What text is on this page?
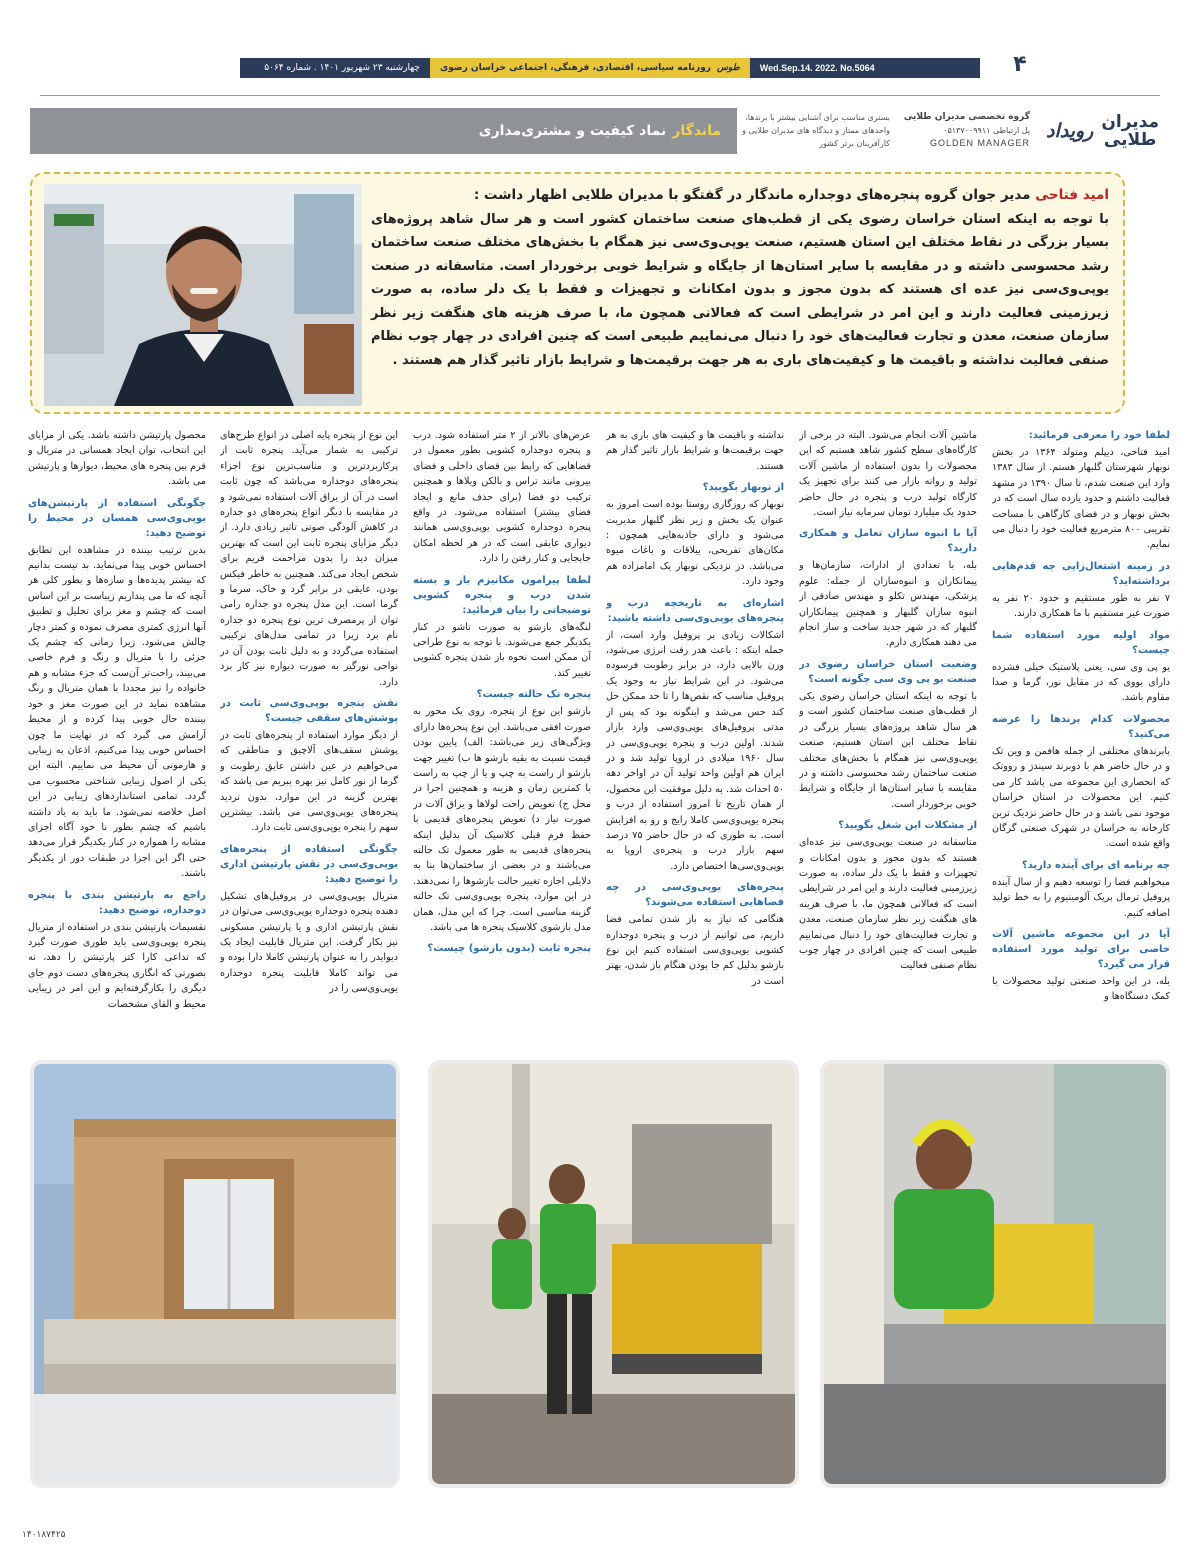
۴
Wed.Sep.14. 2022. No.5064
طوس
روزنامه سیاسی، اقتصادی، فرهنگی، اجتماعی خراسان رضوی
چهارشنبه ۲۳ شهریور ۱۴۰۱ . شماره ۵۰۶۴
ماندگار
نماد کیفیت و مشتری‌مداری
بستری مناسب برای آشنایی بیشتر با برندها، واحدهای ممتاز و دیدگاه های مدیران طلایی و کارآفرینان برتر کشور
گروه تخصصی مدیران طلایی
پل ارتباطی ۰۵۱۳۷۰۰۹۹۱۱
GOLDEN MANAGER
مدیران
طلایی
رویداد
امید فتاحی مدیر جوان گروه پنجره‌های دوجداره ماندگار در گفتگو با مدیران طلایی اظهار داشت :
با توجه به اینکه استان خراسان رضوی یکی از قطب‌های صنعت ساختمان کشور است و هر سال شاهد پروژه‌های بسیار بزرگی در نقاط مختلف این استان هستیم، صنعت یوپی‌وی‌سی نیز همگام با بخش‌های مختلف صنعت ساختمان رشد محسوسی داشته و در مقایسه با سایر استان‌ها از جایگاه و شرایط خوبی برخوردار است. متاسفانه در صنعت یوپی‌وی‌سی نیز عده ای هستند که بدون مجوز و بدون امکانات و تجهیزات و فقط با یک دلر ساده، به صورت زیرزمینی فعالیت دارند و این امر در شرایطی است که فعالانی همچون ما، با صرف هزینه های هنگفت زیر نظر سازمان صنعت، معدن و تجارت فعالیت‌های خود را دنبال می‌نماییم طبیعی است که چنین افرادی در چهار چوب نظام صنفی فعالیت نداشته و باقیمت ها و کیفیت‌های باری به هر جهت برقیمت‌ها و شرایط بازار تاثیر گذار هم هستند .
لطفا خود را معرفی فرمائید:

امید فتاحی، دیپلم ومتولد ۱۳۶۴ در بخش نوبهار شهرستان گلبهار هستم. از سال ۱۳۸۳ وارد این صنعت شدم، تا سال ۱۳۹۰ در مشهد فعالیت داشتم و حدود یازده سال است که در بخش نوبهار و در فضای کارگاهی با مساحت تقریبی ۸۰۰ مترمربع فعالیت خود را دنبال می نمایم.

در زمینه اشتغال‌زایی چه قدم‌هایی برداشته‌اید؟

۷ نفر به طور مستقیم و حدود ۲۰ نفر به صورت غیر مستقیم با ما همکاری دارند.

مواد اولیه مورد استفاده شما چیست؟

یو پی وی سی، یعنی پلاستیک خیلی فشرده دارای یووی که در مقابل نور، گرما و صدا مقاوم باشد.

محصولات کدام برندها را عرضه می‌کنید؟

بابرندهای مختلفی از جمله هافمن و وین تک و در حال حاضر هم با دوبرند سیندژ و رووتک که انحصاری این مجموعه می باشد کار می کنیم. این محصولات در استان خراسان موجود نمی باشد و در حال حاضر نزدیک ترین کارخانه به خراسان در شهرک صنعتی گرگان واقع شده است.

چه برنامه ای برای آینده دارید؟

میخواهیم فضا را توسعه دهیم و از سال آینده پروفیل ترمال بریک آلومینیوم را به خط تولید اضافه کنیم.

آیا در این مجموعه ماشین آلات خاصی برای تولید مورد استفاده قرار می گیرد؟

بله، در این واحد صنعتی تولید محصولات با کمک دستگاه‌ها و

ماشین آلات انجام می‌شود. البته در برخی از کارگاه‌های سطح کشور شاهد هستیم که این محصولات را بدون استفاده از ماشین آلات تولید و روانه بازار می کنند برای تجهیز یک کارگاه تولید درب و پنجره در حال حاضر حدود یک میلیارد تومان سرمایه نیاز است.

آیا با انبوه سازان تعامل و همکاری دارید؟

بله، با تعدادی از ادارات، سازمان‌ها و پیمانکاران و انبوه‌سازان از جمله: علوم پزشکی، مهندس تکلو و مهندس صادقی از انبوه سازان گلبهار و همچنین پیمانکاران گلبهار که در شهر جدید ساخت و ساز انجام می دهند همکاری دارم.

وضعیت استان خراسان رضوی در صنعت یو پی وی سی چگونه است؟

با توجه به اینکه استان خراسان رضوی یکی از قطب‌های صنعت ساختمان کشور است و هر سال شاهد پروژه‌های بسیار بزرگی در نقاط مختلف این استان هستیم، صنعت یوپی‌وی‌سی نیز همگام با بخش‌های مختلف صنعت ساختمان رشد محسوسی داشته و در مقایسه با سایر استان‌ها از جایگاه و شرایط خوبی برخوردار است.

از مشکلات این شغل بگویید؟

متاسفانه در صنعت یوپی‌وی‌سی نیز عده‌ای هستند که بدون مجوز و بدون امکانات و تجهیزات و فقط با یک دلر ساده، به صورت زیرزمینی فعالیت دارند و این امر در شرایطی است که فعالانی همچون ما، با صرف هزینه های هنگفت زیر نظر سازمان صنعت، معدن و تجارت فعالیت‌های خود را دنبال می‌نماییم طبیعی است که چنین افرادی در چهار چوب نظام صنفی فعالیت

نداشته و باقیمت ها و کیفیت های باری به هر جهت برقیمت‌ها و شرایط بازار تاثیر گذار هم هستند.

از نوبهار بگویید؟

نوبهار که روزگاری روستا بوده است امروز به عنوان یک بخش و زیر نظر گلبهار مدیریت می‌شود و دارای جاذبه‌هایی همچون : مکان‌های تفریحی، ییلاقات و باغات میوه می‌باشد. در نزدیکی نوبهار یک امامزاده هم وجود دارد.

اشاره‌ای به تاریخچه درب و پنجره‌های یوپی‌وی‌سی داشته باشید:

اشکالات زیادی بر پروفیل وارد است، از جمله اینکه : باعث هدر رفت انرژی می‌شود، وزن بالایی دارد، در برابر رطوبت فرسوده می‌شود. در این شرایط نیاز به وجود یک پروفیل مناسب که نقص‌ها را تا حد ممکن حل کند حس می‌شد و اینگونه بود که پس از مدتی پروفیل‌های یوپی‌وی‌سی وارد بازار شدند. اولین درب و پنجره یوپی‌وی‌سی در سال ۱۹۶۰ میلادی در اروپا تولید شد و در ایران هم اولین واحد تولید آن در اواخر دهه ۵۰ احداث شد. به دلیل موفقیت این محصول، از همان تاریخ تا امروز استفاده از درب و پنجره یوپی‌وی‌سی کاملا رایج و رو به افزایش است. به طوری که در حال حاضر ۷۵ درصد سهم بازار درب و پنجره‌ی اروپا به یوپی‌وی‌سی‌ها اختصاص دارد.

پنجره‌های یوپی‌وی‌سی در چه فضاهایی استفاده می‌شوند؟

هنگامی که نیاز به باز شدن تمامی فضا داریم، می توانیم از درب و پنجره دوجداره کشویی یوپی‌وی‌سی استفاده کنیم این نوع بازشو بدلیل کم جا بودن هنگام باز شدن، بهتر است در

عرض‌های بالاتر از ۲ متر استفاده شود. درب و پنجره دوجداره کشویی بطور معمول در فضاهایی که رابط بین فضای داخلی و فضای بیرونی مانند تراس و بالکن ویلاها و همچنین ترکیب دو فضا (برای حذف مانع و ایجاد فضای بیشتر) استفاده می‌شود. در واقع پنجره دوجداره کشویی یوپی‌وی‌سی همانند دیواری عایقی است که در هر لحظه امکان جابجایی و کنار رفتن را دارد.

لطفا پیرامون مکانیزم باز و بسته شدن درب و پنجره کشویی توضیحاتی را بیان فرمائید:

لنگه‌های بازشو به صورت تاشو در کنار یکدیگر جمع می‌شوند. با توجه به نوع طراحی آن ممکن است نحوه باز شدن پنجره کشویی تغییر کند.

پنجره تک حالته چیست؟

بازشو این نوع از پنجره، روی یک محور به صورت افقی می‌باشد. این نوع پنجره‌ها دارای ویژگی‌های زیر می‌باشد: الف) پایین بودن قیمت نسبت به بقیه بازشو ها ب) تغییر جهت بازشو از راست به چپ و یا از چپ به راست با کمترین زمان و هزینه و همچنین اجرا در محل ج) تعویض راحت لولاها و یراق آلات در صورت نیاز د) تعویض پنجره‌های قدیمی با حفظ فرم قبلی کلاسیک آن بدلیل اینکه پنجره‌های قدیمی به طور معمول تک حالته می‌باشند و در بعضی از ساختمان‌ها بنا به دلایلی اجازه تغییر حالت بازشوها را نمی‌دهند. در این موارد، پنجره یوپی‌وی‌سی تک حالته گزینه مناسبی است. چرا که این مدل، همان مدل بازشوی کلاسیک پنجره ها می باشد.

پنجره ثابت (بدون بازشو) چیست؟

این نوع از پنجره پایه اصلی در انواع طرح‌های ترکیبی به شمار می‌آید. پنجره ثابت از پرکاربردترین و مناسب‌ترین نوع اجزاء پنجره‌های دوجداره می‌باشد که چون ثابت است در آن از یراق آلات استفاده نمی‌شود و در مقایسه با دیگر انواع پنجره‌های دو جداره در کاهش آلودگی صوتی تاثیر زیادی دارد. از دیگر مزایای پنجره ثابت این است که بهترین میزان دید را بدون مزاحمت فریم برای شخص ایجاد می‌کند. همچنین به خاطر فیکس بودن، عایقی در برابر گرد و خاک، سرما و گرما است. این مدل پنجره دو جداره رامی توان از پرمصرف ترین نوع پنجره دو جداره نام برد زیرا در تمامی مدل‌های ترکیبی استفاده می‌گردد و به دلیل ثابت بودن آن در نواحی نورگیر به صورت دیواره نیز کار برد دارد.

نقش پنجره یوپی‌وی‌سی ثابت در پوشش‌های سقفی چیست؟

از دیگر موارد استفاده از پنجره‌های ثابت در پوشش سقف‌های آلاچیق و مناطقی که می‌خواهیم در عین داشتن عایق رطوبت و گرما از نور کامل نیز بهره ببریم می باشد که بهترین گزینه در این موارد، بدون تردید پنجره‌های یوپی‌وی‌سی می باشد. بیشترین سهم را پنجره یوپی‌وی‌سی ثابت دارد.

چگونگی استفاده از پنجره‌های یوپی‌وی‌سی در نقش پارتیشن اداری را توضیح دهید:

متریال یوپی‌وی‌سی در پروفیل‌های تشکیل دهنده پنجره دوجداره یوپی‌وی‌سی می‌توان در نقش پارتیشن اداری و یا پارتیشن مسکونی نیز بکار گرفت. این متریال قابلیت ایجاد یک دیوایدر را به عنوان پارتیشن کاملا دارا بوده و می تواند کاملا قابلیت پنجره دوجداره یوپی‌وی‌سی را در

محصول پارتیشن داشته باشد. یکی از مزایای این انتخاب، توان ایجاد همسانی در متریال و فرم بین پنجره های محیط، دیوارها و پارتیشن می باشد.

چگونگی استفاده از پارتیشن‌های یوپی‌وی‌سی همسان در محیط را توضیح دهید:

بدین ترتیب بیننده در مشاهده این تطابق احساس خوبی پیدا می‌نماید. بد نیست بدانیم که بیشتر پدیده‌ها و سازه‌ها و بطور کلی هر آنچه که ما می پنداریم زیباست بر این اساس است که چشم و مغز برای تحلیل و تطبیق آنها انرژی کمتری مصرف نموده و کمتر دچار چالش می‌شود. زیرا زمانی که چشم یک جزئی را با متریال و رنگ و فرم خاصی می‌بیند، راحت‌تر آن‌ست که جزء مشابه و هم خانواده را نیز مجددا با همان متریال و رنگ مشاهده نماید در این صورت مغز و خود بیننده حال خوبی پیدا کرده و از محیط آرامش می گیرد که در نهایت ما چون احساس خوبی پیدا می‌کنیم، اذعان به زیبایی و هارمونی آن محیط می نماییم. البته این یکی از اصول زیبایی شناختی محسوب می گردد. تمامی استانداردهای زیبایی در این اصل خلاصه نمی‌شود. ما باید به یاد داشته باشیم که چشم بطور نا خود آگاه اجزای مشابه را همواره در کنار یکدیگر قرار می‌دهد حتی اگر این اجزا در طبقات دور از یکدیگر باشند.

راجع به پارتیشن بندی با پنجره دوجداره، توضیح دهید:

تقسیمات پارتیشن بندی در استفاده از متریال پنجره یوپی‌وی‌سی باید طوری صورت گیرد که تداعی کارا کتر پارتیشن را دهد، نه بصورتی که انگاری پنجره‌های دست دوم جای دیگری را بکارگرفته‌ایم و این امر در زیبایی محیط و القای مشخصات

۱۴۰۱۸۷۴۲۵
